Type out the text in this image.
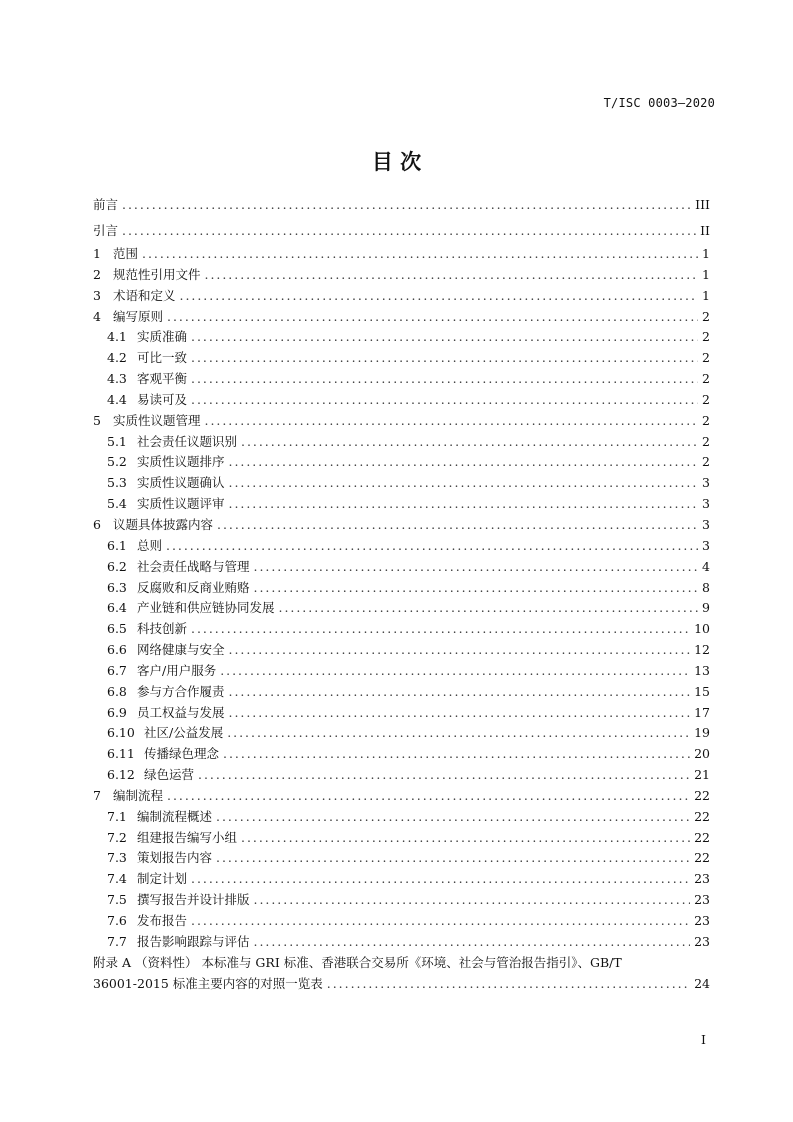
T/ISC 0003—2020
目 次
前言 . . .	III
引言 . . .	II
1 范围 . . .	1
2 规范性引用文件 . . .	1
3 术语和定义 . . .	1
4 编写原则 . . .	2
4.1 实质准确 . . .	2
4.2 可比一致 . . .	2
4.3 客观平衡 . . .	2
4.4 易读可及 . . .	2
5 实质性议题管理 . . .	2
5.1 社会责任议题识别 . . .	2
5.2 实质性议题排序 . . .	2
5.3 实质性议题确认 . . .	3
5.4 实质性议题评审 . . .	3
6 议题具体披露内容 . . .	3
6.1 总则 . . .	3
6.2 社会责任战略与管理 . . .	4
6.3 反腐败和反商业贿赂 . . .	8
6.4 产业链和供应链协同发展 . . .	9
6.5 科技创新 . . .	10
6.6 网络健康与安全 . . .	12
6.7 客户/用户服务 . . .	13
6.8 参与方合作履责 . . .	15
6.9 员工权益与发展 . . .	17
6.10 社区/公益发展 . . .	19
6.11 传播绿色理念 . . .	20
6.12 绿色运营 . . .	21
7 编制流程 . . .	22
7.1 编制流程概述 . . .	22
7.2 组建报告编写小组 . . .	22
7.3 策划报告内容 . . .	22
7.4 制定计划 . . .	23
7.5 撰写报告并设计排版 . . .	23
7.6 发布报告 . . .	23
7.7 报告影响跟踪与评估 . . .	23
附录 A （资料性） 本标准与 GRI 标准、香港联合交易所《环境、社会与管治报告指引》、GB/T
36001-2015 标准主要内容的对照一览表 . . .	24
I
